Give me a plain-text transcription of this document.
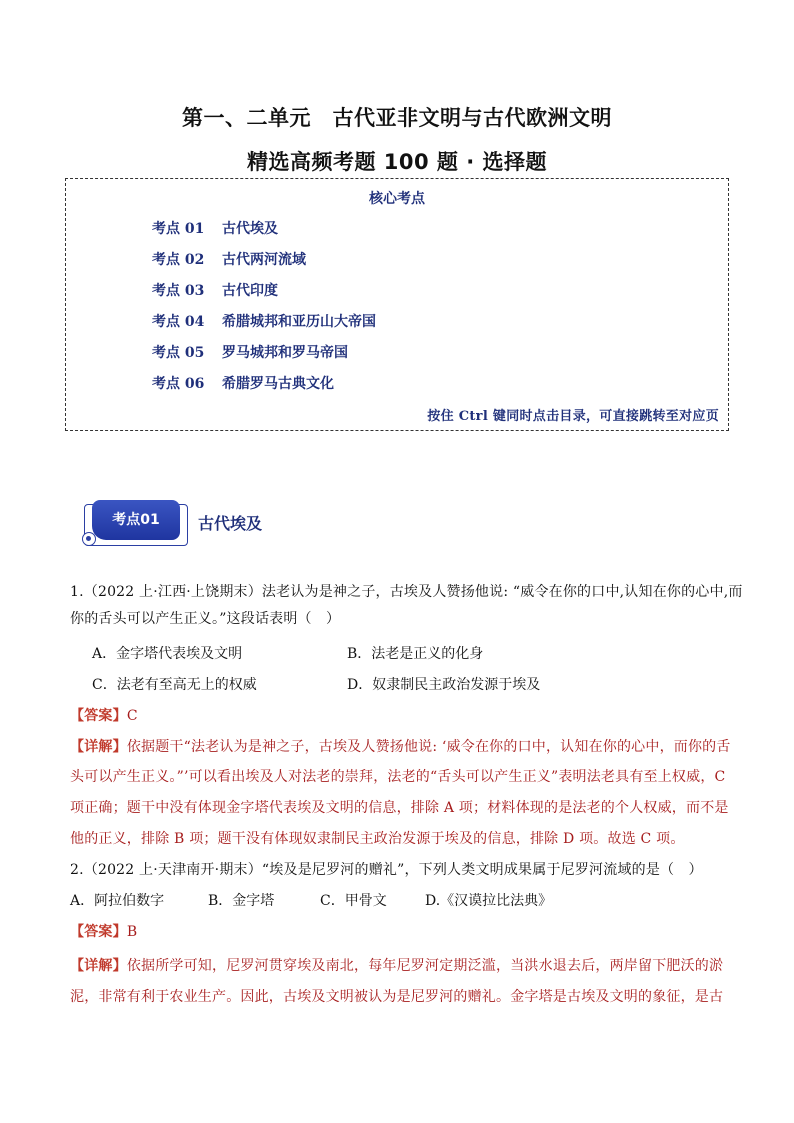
第一、二单元　古代亚非文明与古代欧洲文明
精选高频考题 100 题 · 选择题
核心考点
考点 01 古代埃及
考点 02 古代两河流域
考点 03 古代印度
考点 04 希腊城邦和亚历山大帝国
考点 05 罗马城邦和罗马帝国
考点 06 希腊罗马古典文化
按住 Ctrl 键同时点击目录，可直接跳转至对应页
考点01	古代埃及
1.（2022 上·江西·上饶期末）法老认为是神之子，古埃及人赞扬他说: “威令在你的口中,认知在你的心中,而
你的舌头可以产生正义。”这段话表明（　）
A．金字塔代表埃及文明	B．法老是正义的化身
C．法老有至高无上的权威	D．奴隶制民主政治发源于埃及
【答案】C
【详解】依据题干“法老认为是神之子，古埃及人赞扬他说: ‘威令在你的口中，认知在你的心中，而你的舌
头可以产生正义。”’可以看出埃及人对法老的崇拜，法老的“舌头可以产生正义”表明法老具有至上权威，C
项正确；题干中没有体现金字塔代表埃及文明的信息，排除 A 项；材料体现的是法老的个人权威，而不是
他的正义，排除 B 项；题干没有体现奴隶制民主政治发源于埃及的信息，排除 D 项。故选 C 项。
2.（2022 上·天津南开·期末）“埃及是尼罗河的赠礼”，下列人类文明成果属于尼罗河流域的是（　）
A．阿拉伯数字	B．金字塔	C．甲骨文	D.《汉谟拉比法典》
【答案】B
【详解】依据所学可知，尼罗河贯穿埃及南北，每年尼罗河定期泛滥，当洪水退去后，两岸留下肥沃的淤
泥，非常有利于农业生产。因此，古埃及文明被认为是尼罗河的赠礼。金字塔是古埃及文明的象征，是古
